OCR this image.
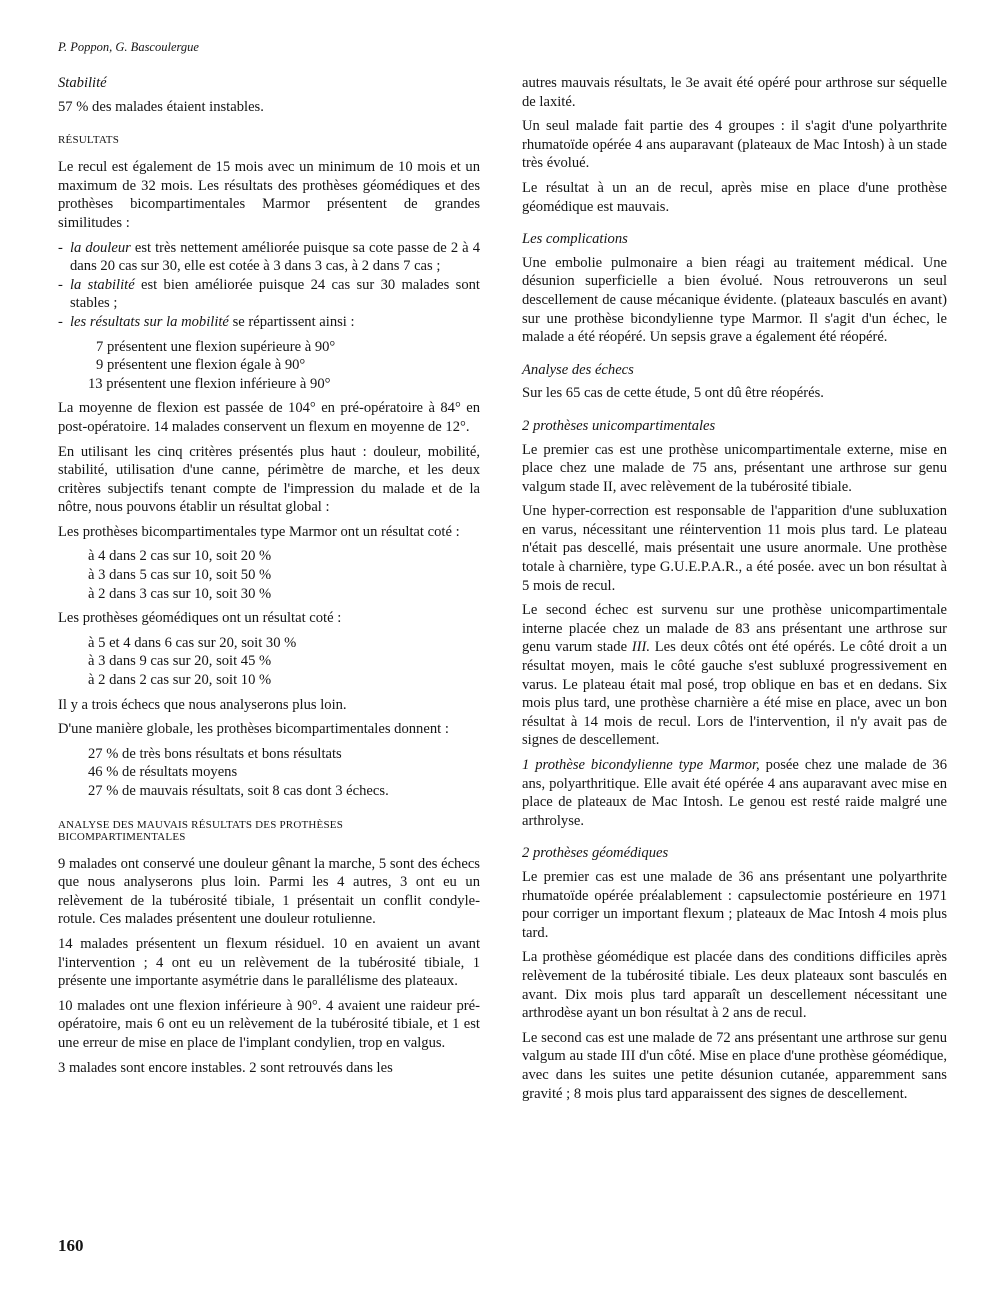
P. Poppon, G. Bascoulergue
Stabilité

57 % des malades étaient instables.

RÉSULTATS

Le recul est également de 15 mois avec un minimum de 10 mois et un maximum de 32 mois. Les résultats des prothèses géomédiques et des prothèses bicompartimentales Marmor présentent de grandes similitudes :

- la douleur est très nettement améliorée puisque sa cote passe de 2 à 4 dans 20 cas sur 30, elle est cotée à 3 dans 3 cas, à 2 dans 7 cas ;
- la stabilité est bien améliorée puisque 24 cas sur 30 malades sont stables ;
- les résultats sur la mobilité se répartissent ainsi :
7 présentent une flexion supérieure à 90°
9 présentent une flexion égale à 90°
13 présentent une flexion inférieure à 90°

La moyenne de flexion est passée de 104° en pré-opératoire à 84° en post-opératoire. 14 malades conservent un flexum en moyenne de 12°.

En utilisant les cinq critères présentés plus haut : douleur, mobilité, stabilité, utilisation d'une canne, périmètre de marche, et les deux critères subjectifs tenant compte de l'impression du malade et de la nôtre, nous pouvons établir un résultat global :

Les prothèses bicompartimentales type Marmor ont un résultat coté :

à 4 dans 2 cas sur 10, soit 20 %
à 3 dans 5 cas sur 10, soit 50 %
à 2 dans 3 cas sur 10, soit 30 %

Les prothèses géomédiques ont un résultat coté :

à 5 et 4 dans 6 cas sur 20, soit 30 %
à 3 dans 9 cas sur 20, soit 45 %
à 2 dans 2 cas sur 20, soit 10 %

Il y a trois échecs que nous analyserons plus loin.

D'une manière globale, les prothèses bicompartimentales donnent :

27 % de très bons résultats et bons résultats
46 % de résultats moyens
27 % de mauvais résultats, soit 8 cas dont 3 échecs.
ANALYSE DES MAUVAIS RÉSULTATS DES PROTHÈSES
BICOMPARTIMENTALES

9 malades ont conservé une douleur gênant la marche, 5 sont des échecs que nous analyserons plus loin. Parmi les 4 autres, 3 ont eu un relèvement de la tubérosité tibiale, 1 présentait un conflit condyle-rotule. Ces malades présentent une douleur rotulienne.

14 malades présentent un flexum résiduel. 10 en avaient un avant l'intervention ; 4 ont eu un relèvement de la tubérosité tibiale, 1 présente une importante asymétrie dans le parallélisme des plateaux.

10 malades ont une flexion inférieure à 90°. 4 avaient une raideur pré-opératoire, mais 6 ont eu un relèvement de la tubérosité tibiale, et 1 est une erreur de mise en place de l'implant condylien, trop en valgus.

3 malades sont encore instables. 2 sont retrouvés dans les

autres mauvais résultats, le 3e avait été opéré pour arthrose sur séquelle de laxité.

Un seul malade fait partie des 4 groupes : il s'agit d'une polyarthrite rhumatoïde opérée 4 ans auparavant (plateaux de Mac Intosh) à un stade très évolué.

Le résultat à un an de recul, après mise en place d'une prothèse géomédique est mauvais.

Les complications

Une embolie pulmonaire a bien réagi au traitement médical. Une désunion superficielle a bien évolué. Nous retrouverons un seul descellement de cause mécanique évidente. (plateaux basculés en avant) sur une prothèse bicondylienne type Marmor. Il s'agit d'un échec, le malade a été réopéré. Un sepsis grave a également été réopéré.

Analyse des échecs

Sur les 65 cas de cette étude, 5 ont dû être réopérés.

2 prothèses unicompartimentales

Le premier cas est une prothèse unicompartimentale externe, mise en place chez une malade de 75 ans, présentant une arthrose sur genu valgum stade II, avec relèvement de la tubérosité tibiale.

Une hyper-correction est responsable de l'apparition d'une subluxation en varus, nécessitant une réintervention 11 mois plus tard. Le plateau n'était pas descellé, mais présentait une usure anormale. Une prothèse totale à charnière, type G.U.E.P.A.R., a été posée. avec un bon résultat à 5 mois de recul.

Le second échec est survenu sur une prothèse unicompartimentale interne placée chez un malade de 83 ans présentant une arthrose sur genu varum stade III. Les deux côtés ont été opérés. Le côté droit a un résultat moyen, mais le côté gauche s'est subluxé progressivement en varus. Le plateau était mal posé, trop oblique en bas et en dedans. Six mois plus tard, une prothèse charnière a été mise en place, avec un bon résultat à 14 mois de recul. Lors de l'intervention, il n'y avait pas de signes de descellement.

1 prothèse bicondylienne type Marmor, posée chez une malade de 36 ans, polyarthritique. Elle avait été opérée 4 ans auparavant avec mise en place de plateaux de Mac Intosh. Le genou est resté raide malgré une arthrolyse.

2 prothèses géomédiques

Le premier cas est une malade de 36 ans présentant une polyarthrite rhumatoïde opérée préalablement : capsulectomie postérieure en 1971 pour corriger un important flexum ; plateaux de Mac Intosh 4 mois plus tard.

La prothèse géomédique est placée dans des conditions difficiles après relèvement de la tubérosité tibiale. Les deux plateaux sont basculés en avant. Dix mois plus tard apparaît un descellement nécessitant une arthrodèse ayant un bon résultat à 2 ans de recul.

Le second cas est une malade de 72 ans présentant une arthrose sur genu valgum au stade III d'un côté. Mise en place d'une prothèse géomédique, avec dans les suites une petite désunion cutanée, apparemment sans gravité ; 8 mois plus tard apparaissent des signes de descellement.

160
